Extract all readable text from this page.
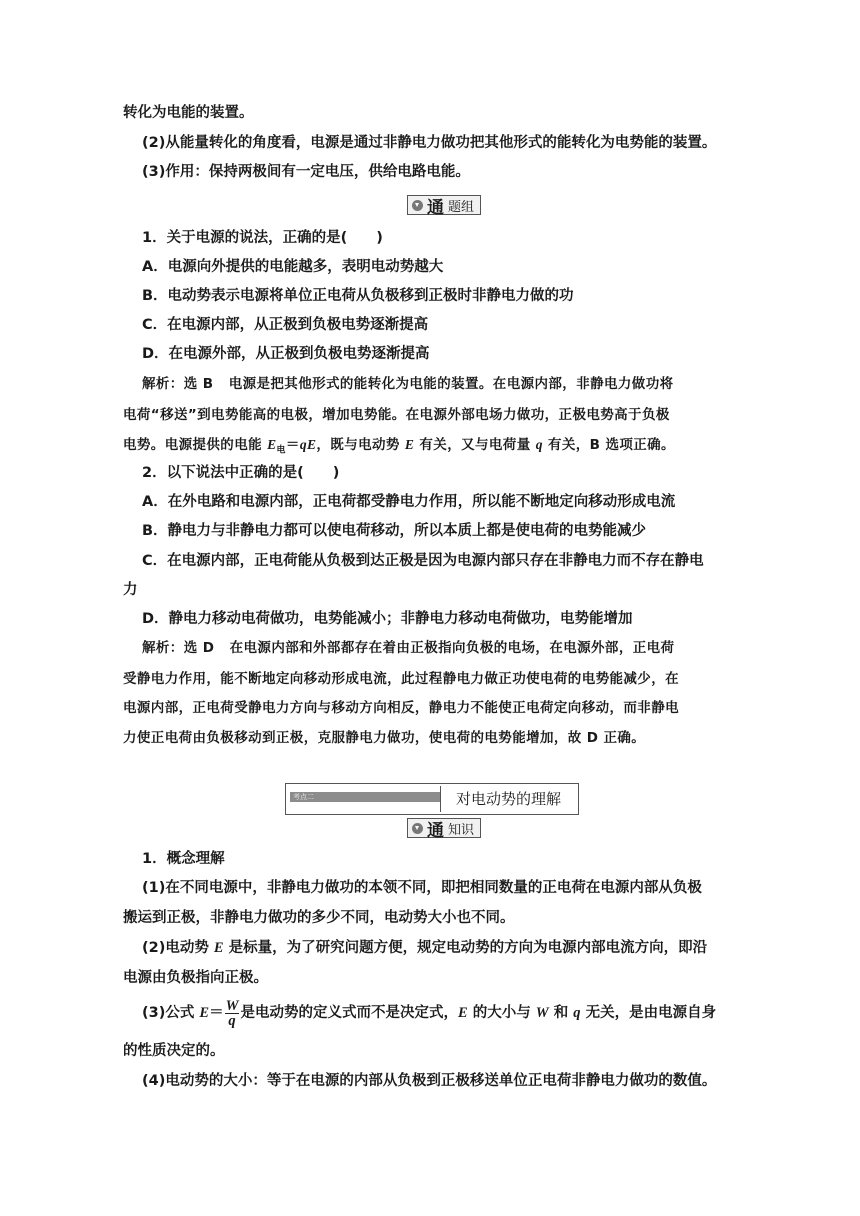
转化为电能的装置。
(2)从能量转化的角度看，电源是通过非静电力做功把其他形式的能转化为电势能的装置。
(3)作用：保持两极间有一定电压，供给电路电能。
通 题组
1．关于电源的说法，正确的是(　　)
A．电源向外提供的电能越多，表明电动势越大
B．电动势表示电源将单位正电荷从负极移到正极时非静电力做的功
C．在电源内部，从正极到负极电势逐渐提高
D．在电源外部，从正极到负极电势逐渐提高
解析：选 B 电源是把其他形式的能转化为电能的装置。在电源内部，非静电力做功将
电荷“移送”到电势能高的电极，增加电势能。在电源外部电场力做功，正极电势高于负极
电势。电源提供的电能 $E_电=qE$，既与电动势 E 有关，又与电荷量 q 有关，B 选项正确。
2．以下说法中正确的是(　　)
A．在外电路和电源内部，正电荷都受静电力作用，所以能不断地定向移动形成电流
B．静电力与非静电力都可以使电荷移动，所以本质上都是使电荷的电势能减少
C．在电源内部，正电荷能从负极到达正极是因为电源内部只存在非静电力而不存在静电
力
D．静电力移动电荷做功，电势能减小；非静电力移动电荷做功，电势能增加
解析：选 D 在电源内部和外部都存在着由正极指向负极的电场，在电源外部，正电荷
受静电力作用，能不断地定向移动形成电流，此过程静电力做正功使电荷的电势能减少，在
电源内部，正电荷受静电力方向与移动方向相反，静电力不能使正电荷定向移动，而非静电
力使正电荷由负极移动到正极，克服静电力做功，使电荷的电势能增加，故 D 正确。
考点二	对电动势的理解
通 知识
1．概念理解
(1)在不同电源中，非静电力做功的本领不同，即把相同数量的正电荷在电源内部从负极
搬运到正极，非静电力做功的多少不同，电动势大小也不同。
(2)电动势 E 是标量，为了研究问题方便，规定电动势的方向为电源内部电流方向，即沿
电源由负极指向正极。
(3)公式 $E= \frac{W}{q}$ 是电动势的定义式而不是决定式，E 的大小与 W 和 q 无关，是由电源自身
的性质决定的。
(4)电动势的大小：等于在电源的内部从负极到正极移送单位正电荷非静电力做功的数值。
